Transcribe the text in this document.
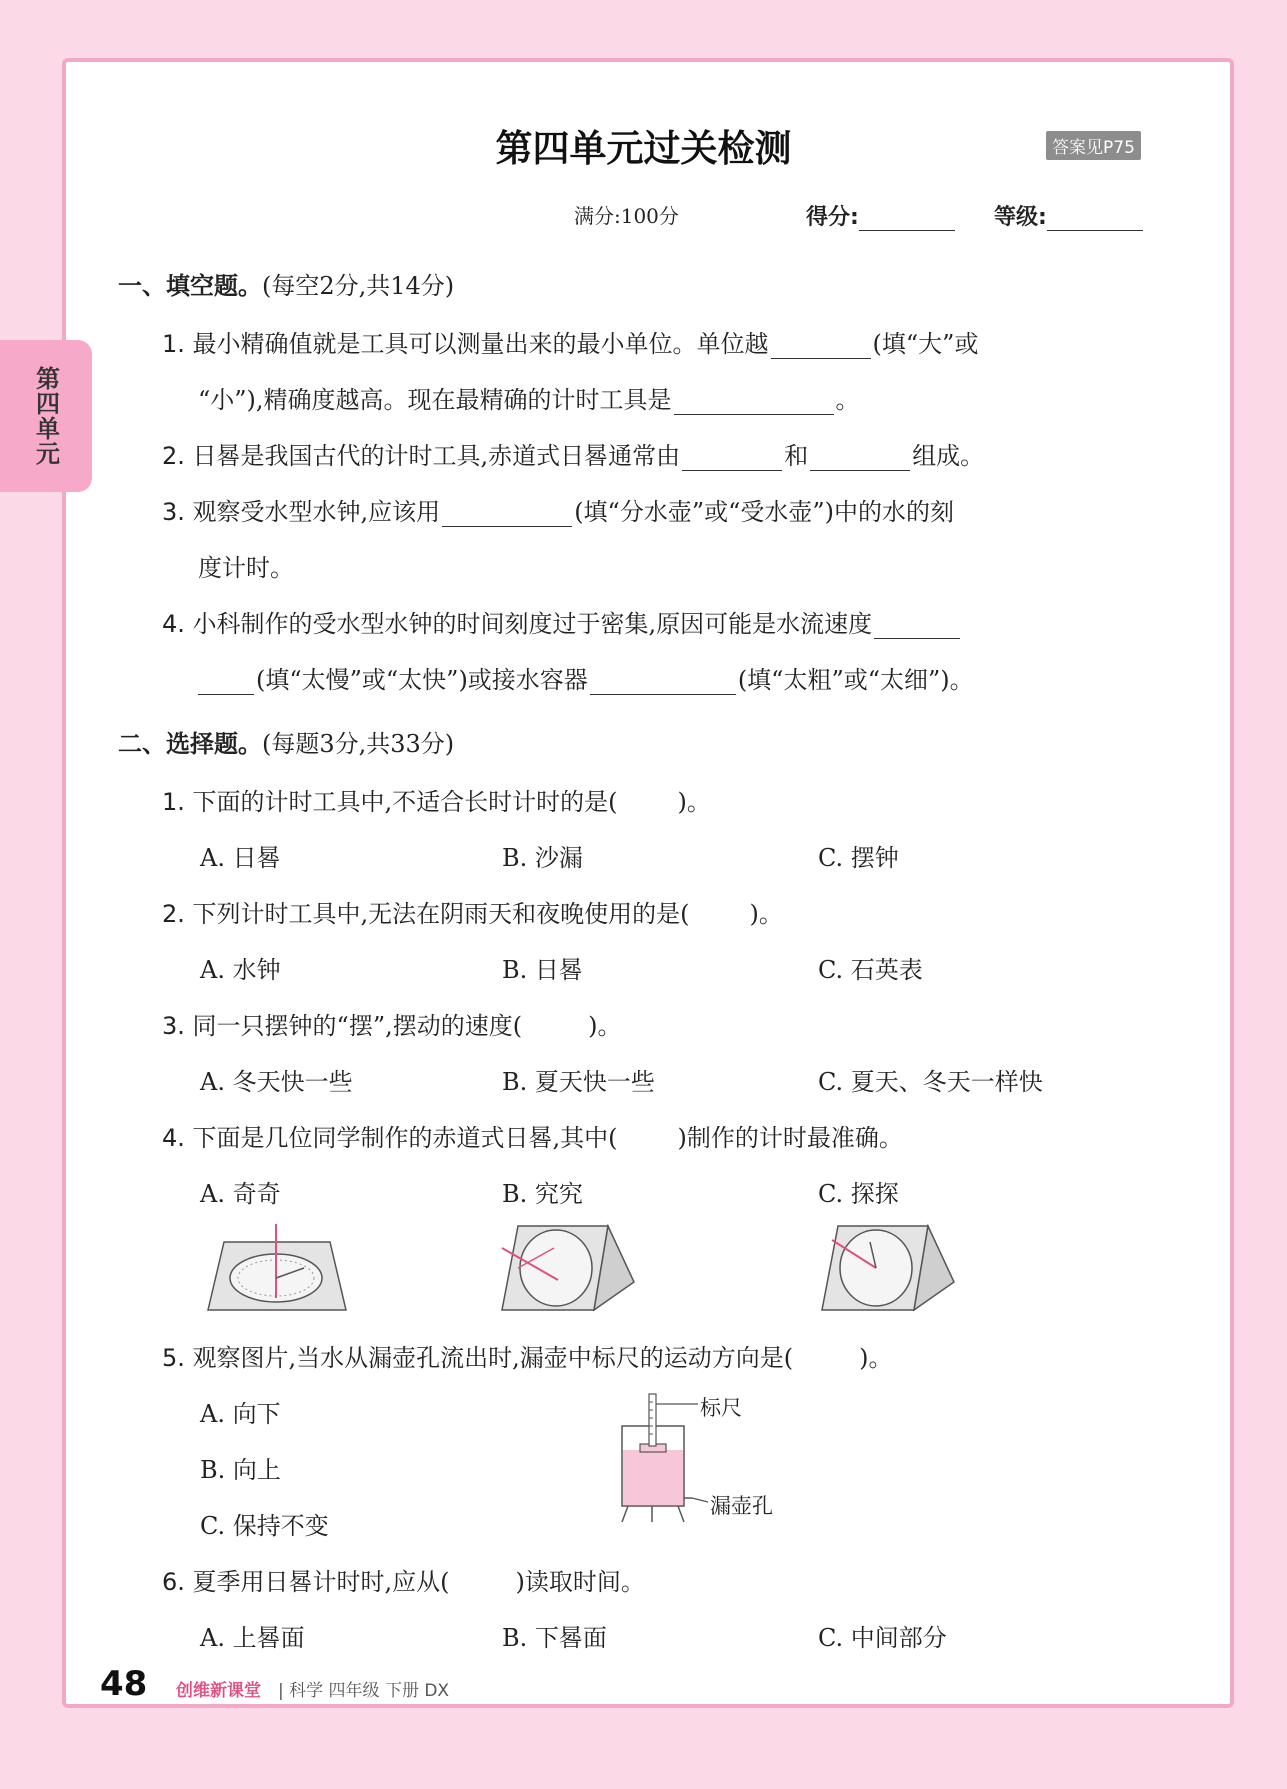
第四单元
第四单元过关检测	答案见P75
满分:100分	得分:	等级:
一、填空题。(每空2分,共14分)
1. 最小精确值就是工具可以测量出来的最小单位。单位越	(填“大”或
“小”),精确度越高。现在最精确的计时工具是	。
2. 日晷是我国古代的计时工具,赤道式日晷通常由	和	组成。
3. 观察受水型水钟,应该用	(填“分水壶”或“受水壶”)中的水的刻
度计时。
4. 小科制作的受水型水钟的时间刻度过于密集,原因可能是水流速度
(填“太慢”或“太快”)或接水容器	(填“太粗”或“太细”)。
二、选择题。(每题3分,共33分)
1. 下面的计时工具中,不适合长时计时的是(	)。
A. 日晷	B. 沙漏	C. 摆钟
2. 下列计时工具中,无法在阴雨天和夜晚使用的是(	)。
A. 水钟	B. 日晷	C. 石英表
3. 同一只摆钟的“摆”,摆动的速度(	)。
A. 冬天快一些	B. 夏天快一些	C. 夏天、冬天一样快
4. 下面是几位同学制作的赤道式日晷,其中(	)制作的计时最准确。
A. 奇奇	B. 究究	C. 探探
5. 观察图片,当水从漏壶孔流出时,漏壶中标尺的运动方向是(	)。
A. 向下
B. 向上
C. 保持不变
标尺
漏壶孔
6. 夏季用日晷计时时,应从(	)读取时间。
A. 上晷面	B. 下晷面	C. 中间部分
48 创维新课堂 | 科学 四年级 下册 DX
